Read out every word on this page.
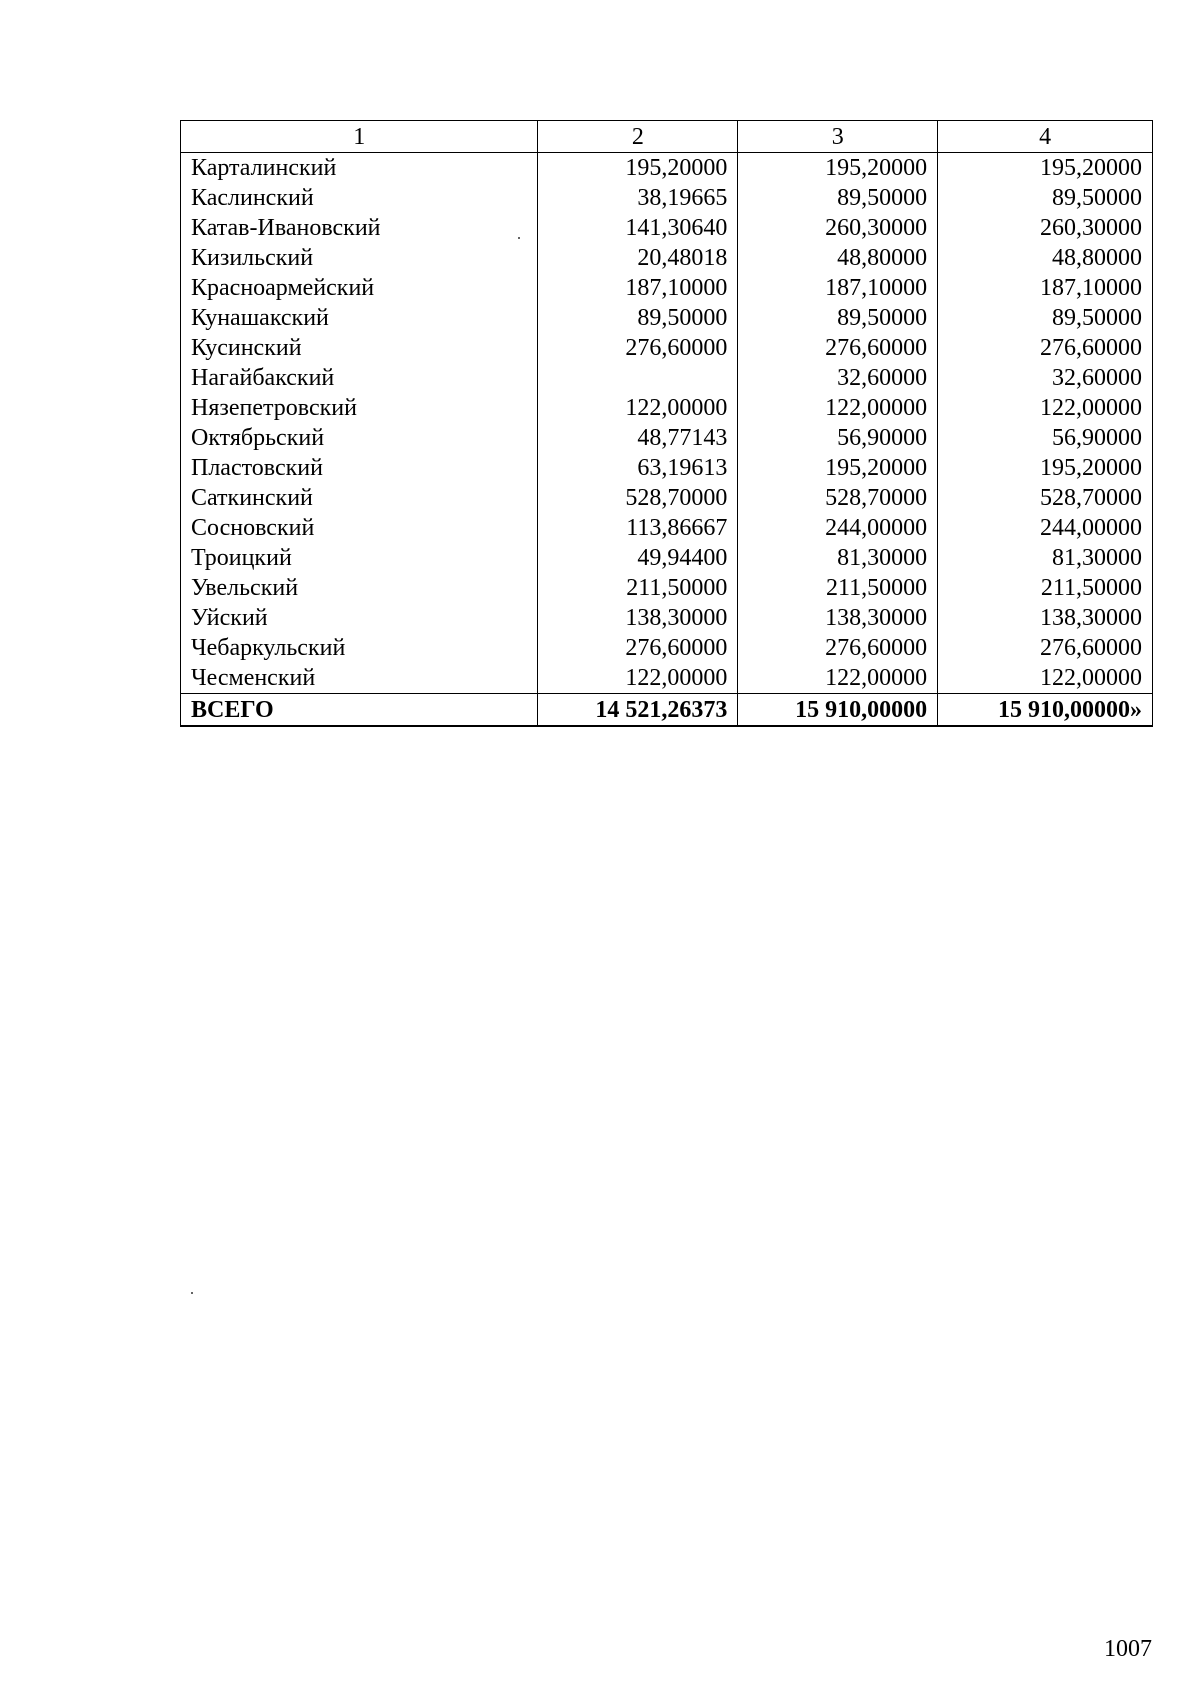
1	2	3	4
Карталинский	195,20000	195,20000	195,20000
Каслинский	38,19665	89,50000	89,50000
Катав-Ивановский	141,30640	260,30000	260,30000
Кизильский	20,48018	48,80000	48,80000
Красноармейский	187,10000	187,10000	187,10000
Кунашакский	89,50000	89,50000	89,50000
Кусинский	276,60000	276,60000	276,60000
Нагайбакский		32,60000	32,60000
Нязепетровский	122,00000	122,00000	122,00000
Октябрьский	48,77143	56,90000	56,90000
Пластовский	63,19613	195,20000	195,20000
Саткинский	528,70000	528,70000	528,70000
Сосновский	113,86667	244,00000	244,00000
Троицкий	49,94400	81,30000	81,30000
Увельский	211,50000	211,50000	211,50000
Уйский	138,30000	138,30000	138,30000
Чебаркульский	276,60000	276,60000	276,60000
Чесменский	122,00000	122,00000	122,00000
ВСЕГО	14 521,26373	15 910,00000	15 910,00000»
1007
